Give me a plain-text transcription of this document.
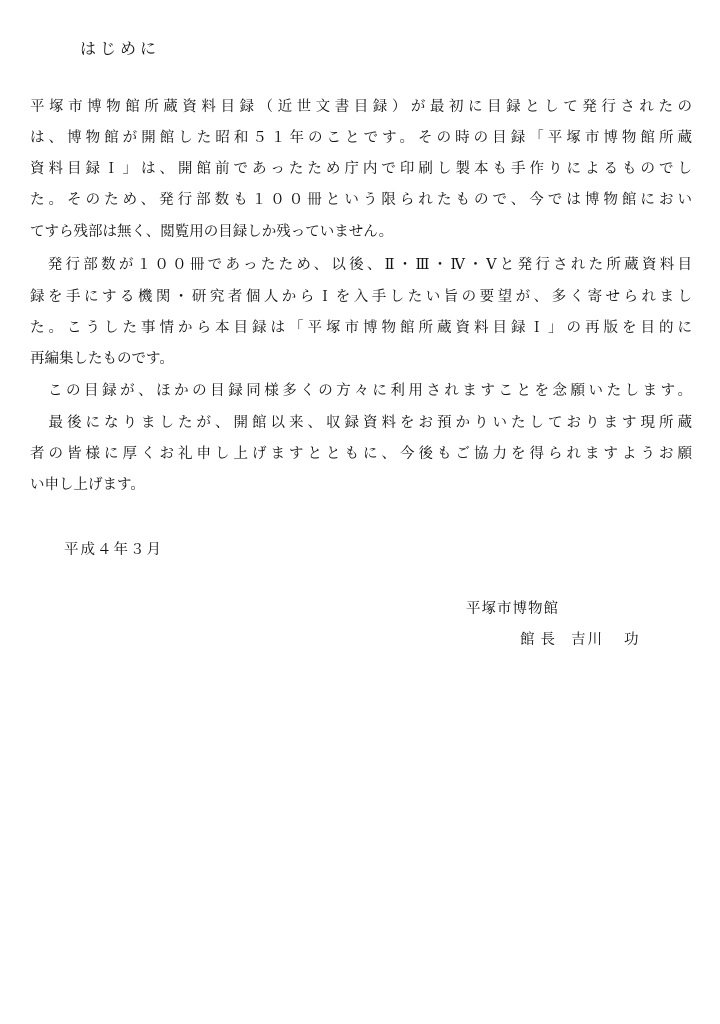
はじめに
平塚市博物館所蔵資料目録（近世文書目録）が最初に目録として発行されたの
は、博物館が開館した昭和５１年のことです。その時の目録「平塚市博物館所蔵
資料目録Ｉ」は、開館前であったため庁内で印刷し製本も手作りによるものでし
た。そのため、発行部数も１００冊という限られたもので、今では博物館におい
てすら残部は無く、閲覧用の目録しか残っていません。
　発行部数が１００冊であったため、以後、Ⅱ・Ⅲ・Ⅳ・Ⅴと発行された所蔵資料目
録を手にする機関・研究者個人からＩを入手したい旨の要望が、多く寄せられまし
た。こうした事情から本目録は「平塚市博物館所蔵資料目録Ｉ」の再版を目的に
再編集したものです。
　この目録が、ほかの目録同様多くの方々に利用されますことを念願いたします。
　最後になりましたが、開館以来、収録資料をお預かりいたしております現所蔵
者の皆様に厚くお礼申し上げますとともに、今後もご協力を得られますようお願
い申し上げます。
平成４年３月
平塚市博物館
館長 吉川 功
